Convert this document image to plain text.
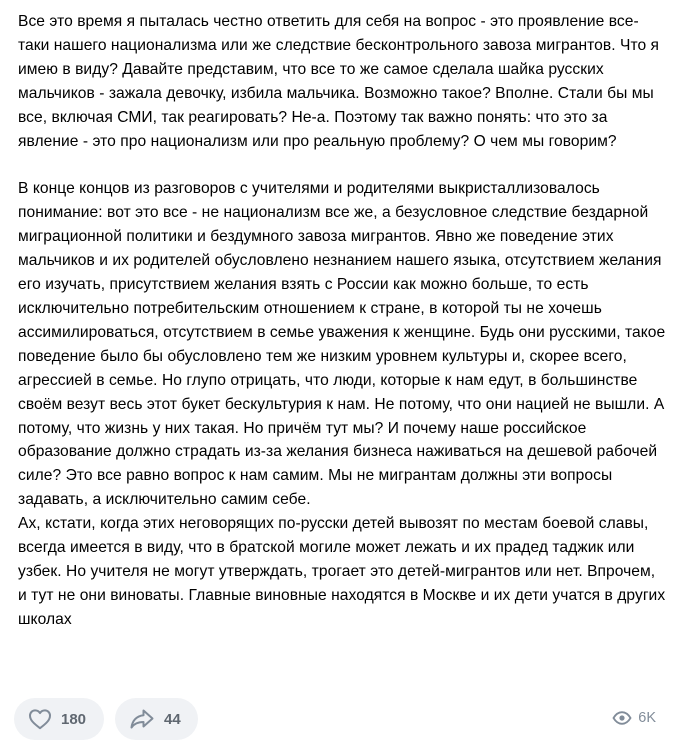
Все это время я пыталась честно ответить для себя на вопрос - это проявление все-таки нашего национализма или же следствие бесконтрольного завоза мигрантов. Что я имею в виду? Давайте представим, что все то же самое сделала шайка русских мальчиков - зажала девочку, избила мальчика. Возможно такое? Вполне. Стали бы мы все, включая СМИ, так реагировать? Не-а. Поэтому так важно понять: что это за явление - это про национализм или про реальную проблему? О чем мы говорим?

В конце концов из разговоров с учителями и родителями выкристаллизовалось понимание: вот это все - не национализм все же, а безусловное следствие бездарной миграционной политики и бездумного завоза мигрантов. Явно же поведение этих мальчиков и их родителей обусловлено незнанием нашего языка, отсутствием желания его изучать, присутствием желания взять с России как можно больше, то есть исключительно потребительским отношением к стране, в которой ты не хочешь ассимилироваться, отсутствием в семье уважения к женщине. Будь они русскими, такое поведение было бы обусловлено тем же низким уровнем культуры и, скорее всего, агрессией в семье. Но глупо отрицать, что люди, которые к нам едут, в большинстве своём везут весь этот букет бескультурия к нам. Не потому, что они нацией не вышли. А потому, что жизнь у них такая. Но причём тут мы? И почему наше российское образование должно страдать из-за желания бизнеса наживаться на дешевой рабочей силе? Это все равно вопрос к нам самим. Мы не мигрантам должны эти вопросы задавать, а исключительно самим себе.

Ах, кстати, когда этих неговорящих по-русски детей вывозят по местам боевой славы, всегда имеется в виду, что в братской могиле может лежать и их прадед таджик или узбек. Но учителя не могут утверждать, трогает это детей-мигрантов или нет. Впрочем, и тут не они виноваты. Главные виновные находятся в Москве и их дети учатся в других школах

180	44	6K
